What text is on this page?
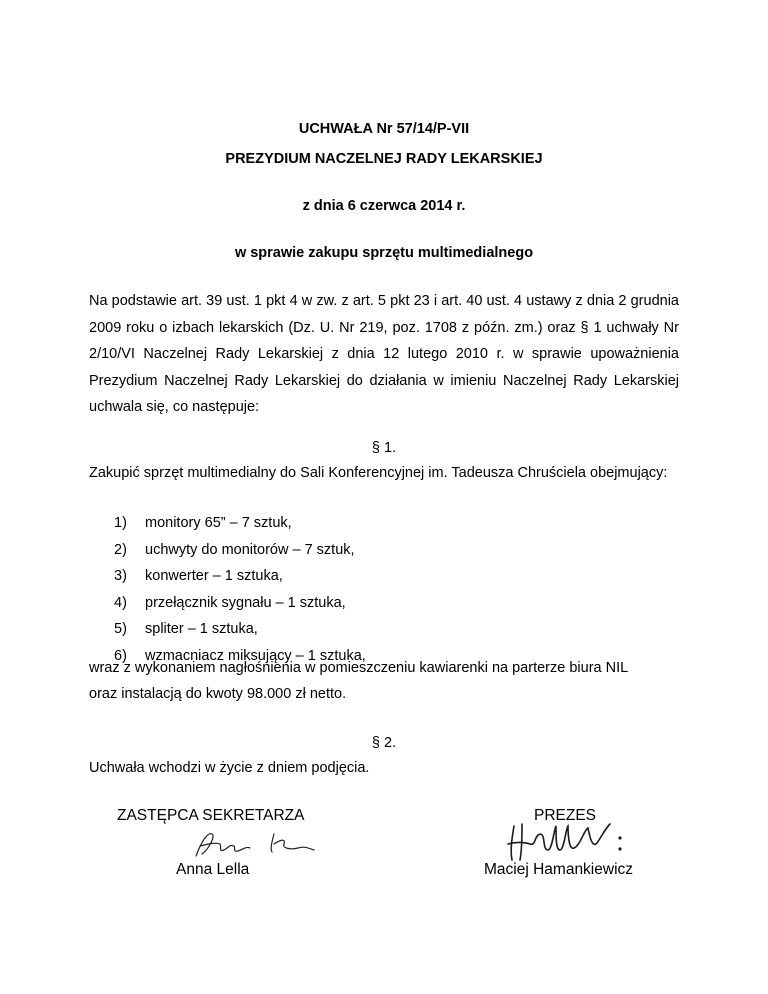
UCHWAŁA Nr 57/14/P-VII
PREZYDIUM NACZELNEJ RADY LEKARSKIEJ
z dnia 6 czerwca 2014 r.
w sprawie zakupu sprzętu multimedialnego
Na podstawie art. 39 ust. 1 pkt 4 w zw. z art. 5 pkt 23 i art. 40 ust. 4 ustawy z dnia 2 grudnia 2009 roku o izbach lekarskich (Dz. U. Nr 219, poz. 1708 z późn. zm.) oraz § 1 uchwały Nr 2/10/VI Naczelnej Rady Lekarskiej z dnia 12 lutego 2010 r. w sprawie upoważnienia Prezydium Naczelnej Rady Lekarskiej do działania w imieniu Naczelnej Rady Lekarskiej uchwala się, co następuje:
§ 1.
Zakupić sprzęt multimedialny do Sali Konferencyjnej im. Tadeusza Chruściela obejmujący:
1) monitory 65” – 7 sztuk,
2) uchwyty do monitorów – 7 sztuk,
3) konwerter – 1 sztuka,
4) przełącznik sygnału – 1 sztuka,
5) spliter – 1 sztuka,
6) wzmacniacz miksujący – 1 sztuka,
wraz z wykonaniem nagłośnienia w pomieszczeniu kawiarenki na parterze biura NIL
oraz instalacją do kwoty 98.000 zł netto.
§ 2.
Uchwała wchodzi w życie z dniem podjęcia.
ZASTĘPCA SEKRETARZA
Anna Lella
PREZES
Maciej Hamankiewicz
